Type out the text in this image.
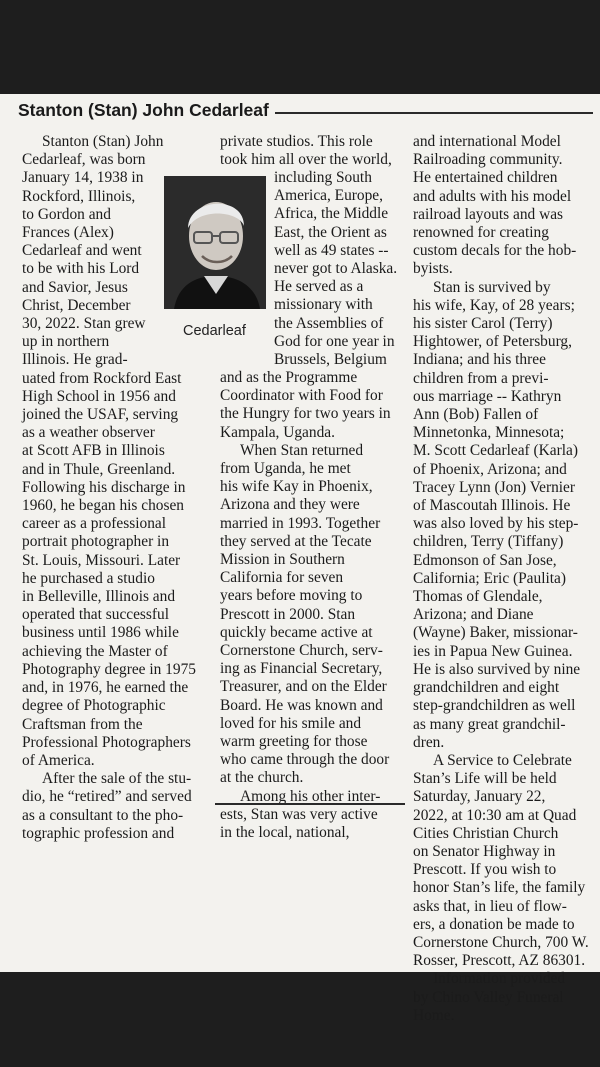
Stanton (Stan) John Cedarleaf

Stanton (Stan) John

Cedarleaf, was born

January 14, 1938 in

Rockford, Illinois,

to Gordon and

Frances (Alex)

Cedarleaf and went

to be with his Lord

and Savior, Jesus

Christ, December

30, 2022. Stan grew

up in northern

Illinois. He grad-

uated from Rockford East

High School in 1956 and

joined the USAF, serving

as a weather observer

at Scott AFB in Illinois

and in Thule, Greenland.

Following his discharge in

1960, he began his chosen

career as a professional

portrait photographer in

St. Louis, Missouri. Later

he purchased a studio

in Belleville, Illinois and

operated that successful

business until 1986 while

achieving the Master of

Photography degree in 1975

and, in 1976, he earned the

degree of Photographic

Craftsman from the

Professional Photographers

of America.

After the sale of the stu-

dio, he “retired” and served

as a consultant to the pho-

tographic profession and

Cedarleaf

private studios. This role

took him all over the world,

including South

America, Europe,

Africa, the Middle

East, the Orient as

well as 49 states --

never got to Alaska.

He served as a

missionary with

the Assemblies of

God for one year in

Brussels, Belgium

and as the Programme

Coordinator with Food for

the Hungry for two years in

Kampala, Uganda.

When Stan returned

from Uganda, he met

his wife Kay in Phoenix,

Arizona and they were

married in 1993. Together

they served at the Tecate

Mission in Southern

California for seven

years before moving to

Prescott in 2000. Stan

quickly became active at

Cornerstone Church, serv-

ing as Financial Secretary,

Treasurer, and on the Elder

Board. He was known and

loved for his smile and

warm greeting for those

who came through the door

at the church.

Among his other inter-

ests, Stan was very active

in the local, national,

and international Model

Railroading community.

He entertained children

and adults with his model

railroad layouts and was

renowned for creating

custom decals for the hob-

byists.

Stan is survived by

his wife, Kay, of 28 years;

his sister Carol (Terry)

Hightower, of Petersburg,

Indiana; and his three

children from a previ-

ous marriage -- Kathryn

Ann (Bob) Fallen of

Minnetonka, Minnesota;

M. Scott Cedarleaf (Karla)

of Phoenix, Arizona; and

Tracey Lynn (Jon) Vernier

of Mascoutah Illinois. He

was also loved by his step-

children, Terry (Tiffany)

Edmonson of San Jose,

California; Eric (Paulita)

Thomas of Glendale,

Arizona; and Diane

(Wayne) Baker, missionar-

ies in Papua New Guinea.

He is also survived by nine

grandchildren and eight

step-grandchildren as well

as many great grandchil-

dren.

A Service to Celebrate

Stan’s Life will be held

Saturday, January 22,

2022, at 10:30 am at Quad

Cities Christian Church

on Senator Highway in

Prescott. If you wish to

honor Stan’s life, the family

asks that, in lieu of flow-

ers, a donation be made to

Cornerstone Church, 700 W.

Rosser, Prescott, AZ 86301.

Information provided

by Chino Valley Funeral

Home.
